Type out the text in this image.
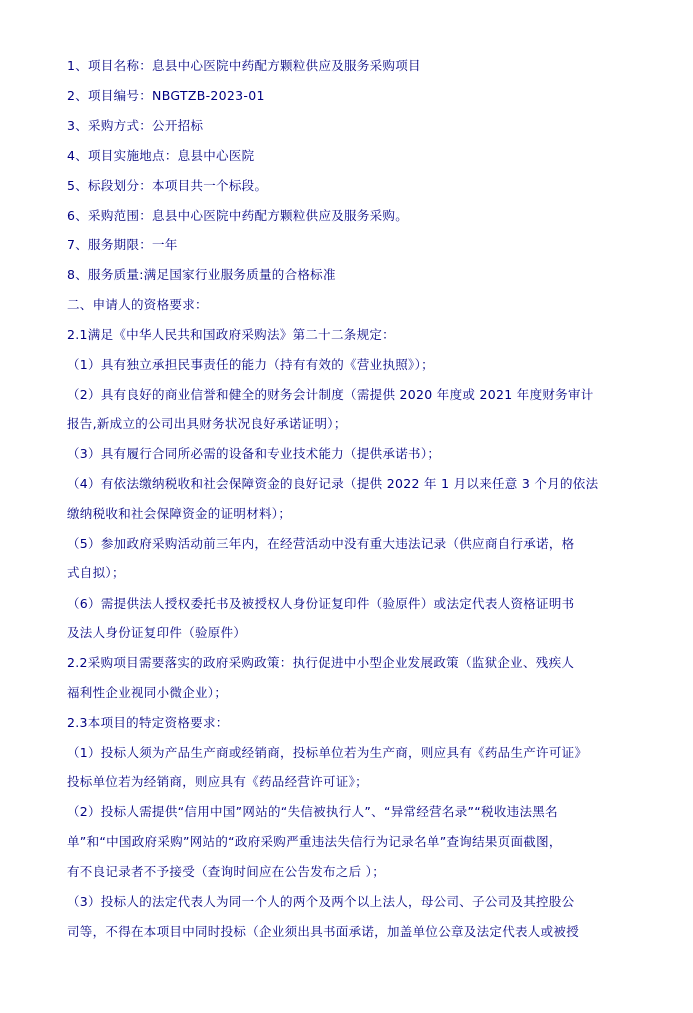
1、项目名称：息县中心医院中药配方颗粒供应及服务采购项目
2、项目编号：NBGTZB-2023-01
3、采购方式：公开招标
4、项目实施地点：息县中心医院
5、标段划分：本项目共一个标段。
6、采购范围：息县中心医院中药配方颗粒供应及服务采购。
7、服务期限：一年
8、服务质量:满足国家行业服务质量的合格标准
二、申请人的资格要求：
2.1满足《中华人民共和国政府采购法》第二十二条规定：
（1）具有独立承担民事责任的能力（持有有效的《营业执照》）；
（2）具有良好的商业信誉和健全的财务会计制度（需提供 2020 年度或 2021 年度财务审计
报告,新成立的公司出具财务状况良好承诺证明）；
（3）具有履行合同所必需的设备和专业技术能力（提供承诺书）；
（4）有依法缴纳税收和社会保障资金的良好记录（提供 2022 年 1 月以来任意 3 个月的依法
缴纳税收和社会保障资金的证明材料）；
（5）参加政府采购活动前三年内，在经营活动中没有重大违法记录（供应商自行承诺，格
式自拟）；
（6）需提供法人授权委托书及被授权人身份证复印件（验原件）或法定代表人资格证明书
及法人身份证复印件（验原件）
2.2采购项目需要落实的政府采购政策：执行促进中小型企业发展政策（监狱企业、残疾人
福利性企业视同小微企业）；
2.3本项目的特定资格要求：
（1）投标人须为产品生产商或经销商，投标单位若为生产商，则应具有《药品生产许可证》
投标单位若为经销商，则应具有《药品经营许可证》；
（2）投标人需提供“信用中国”网站的“失信被执行人”、“异常经营名录”“税收违法黑名
单”和“中国政府采购”网站的“政府采购严重违法失信行为记录名单”查询结果页面截图，
有不良记录者不予接受（查询时间应在公告发布之后 ）；
（3）投标人的法定代表人为同一个人的两个及两个以上法人，母公司、子公司及其控股公
司等，不得在本项目中同时投标（企业须出具书面承诺，加盖单位公章及法定代表人或被授
